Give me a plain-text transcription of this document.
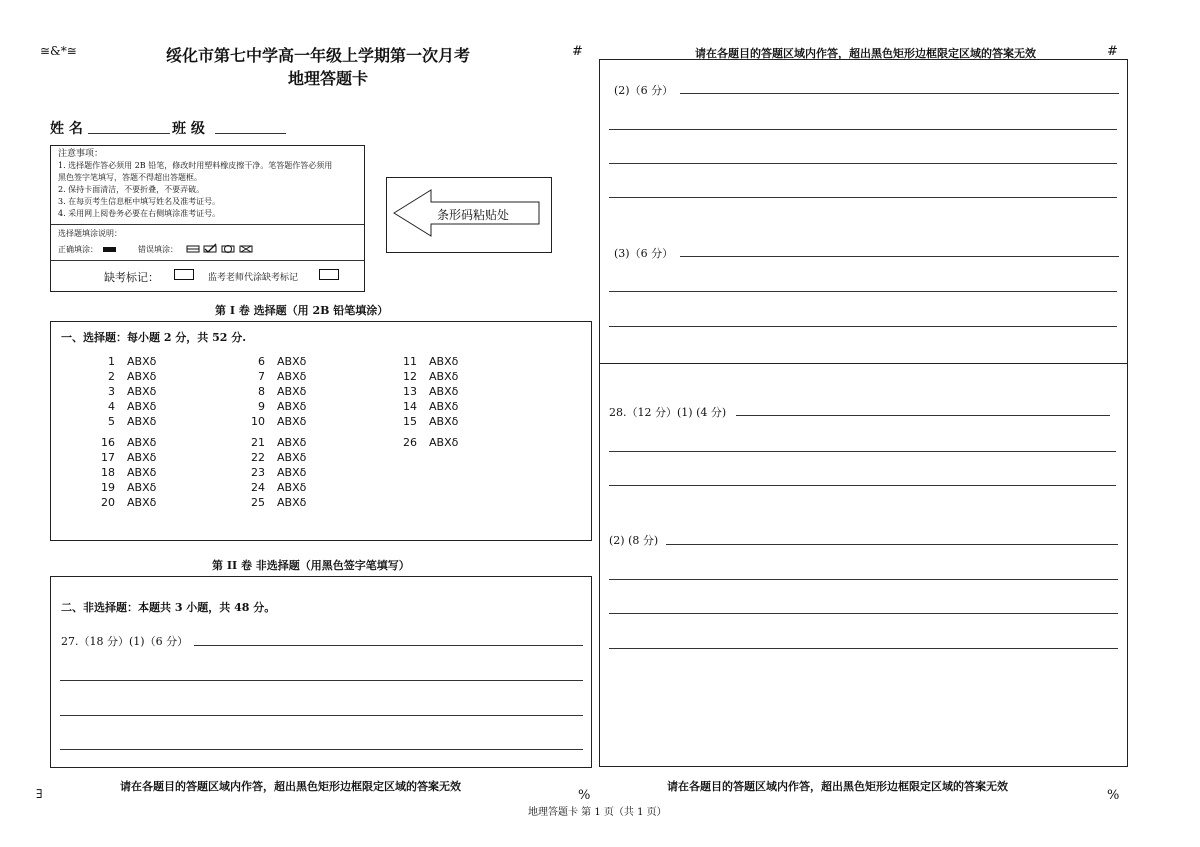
≅&*≅	#	#
请在各题目的答题区域内作答，超出黑色矩形边框限定区域的答案无效
绥化市第七中学高一年级上学期第一次月考
地理答题卡
姓 名	班 级
注意事项：
1. 选择题作答必须用 2B 铅笔，修改时用塑料橡皮擦干净。笔答题作答必须用
黑色签字笔填写，答题不得超出答题框。
2. 保持卡面清洁，不要折叠，不要弄破。
3. 在每页考生信息框中填写姓名及准考证号。
4. 采用网上阅卷务必要在右侧填涂准考证号。
选择题填涂说明：
正确填涂：	错误填涂：
缺考标记：	监考老师代涂缺考标记
条形码粘贴处
第 I 卷 选择题（用 2B 铅笔填涂）
一、选择题：每小题 2 分，共 52 分.
1 ABXδ
2 ABXδ
3 ABXδ
4 ABXδ
5 ABXδ
16 ABXδ
17 ABXδ
18 ABXδ
19 ABXδ
20 ABXδ
6 ABXδ
7 ABXδ
8 ABXδ
9 ABXδ
10 ABXδ
21 ABXδ
22 ABXδ
23 ABXδ
24 ABXδ
25 ABXδ
11 ABXδ
12 ABXδ
13 ABXδ
14 ABXδ
15 ABXδ
26 ABXδ
第 II 卷 非选择题（用黑色签字笔填写）
二、非选择题：本题共 3 小题，共 48 分。
27.（18 分）(1)（6 分）
∃
请在各题目的答题区域内作答，超出黑色矩形边框限定区域的答案无效
%
(2)（6 分）
(3)（6 分）
28.（12 分）(1) (4 分)
(2) (8 分)
请在各题目的答题区域内作答，超出黑色矩形边框限定区域的答案无效
%
地理答题卡 第 1 页（共 1 页）
